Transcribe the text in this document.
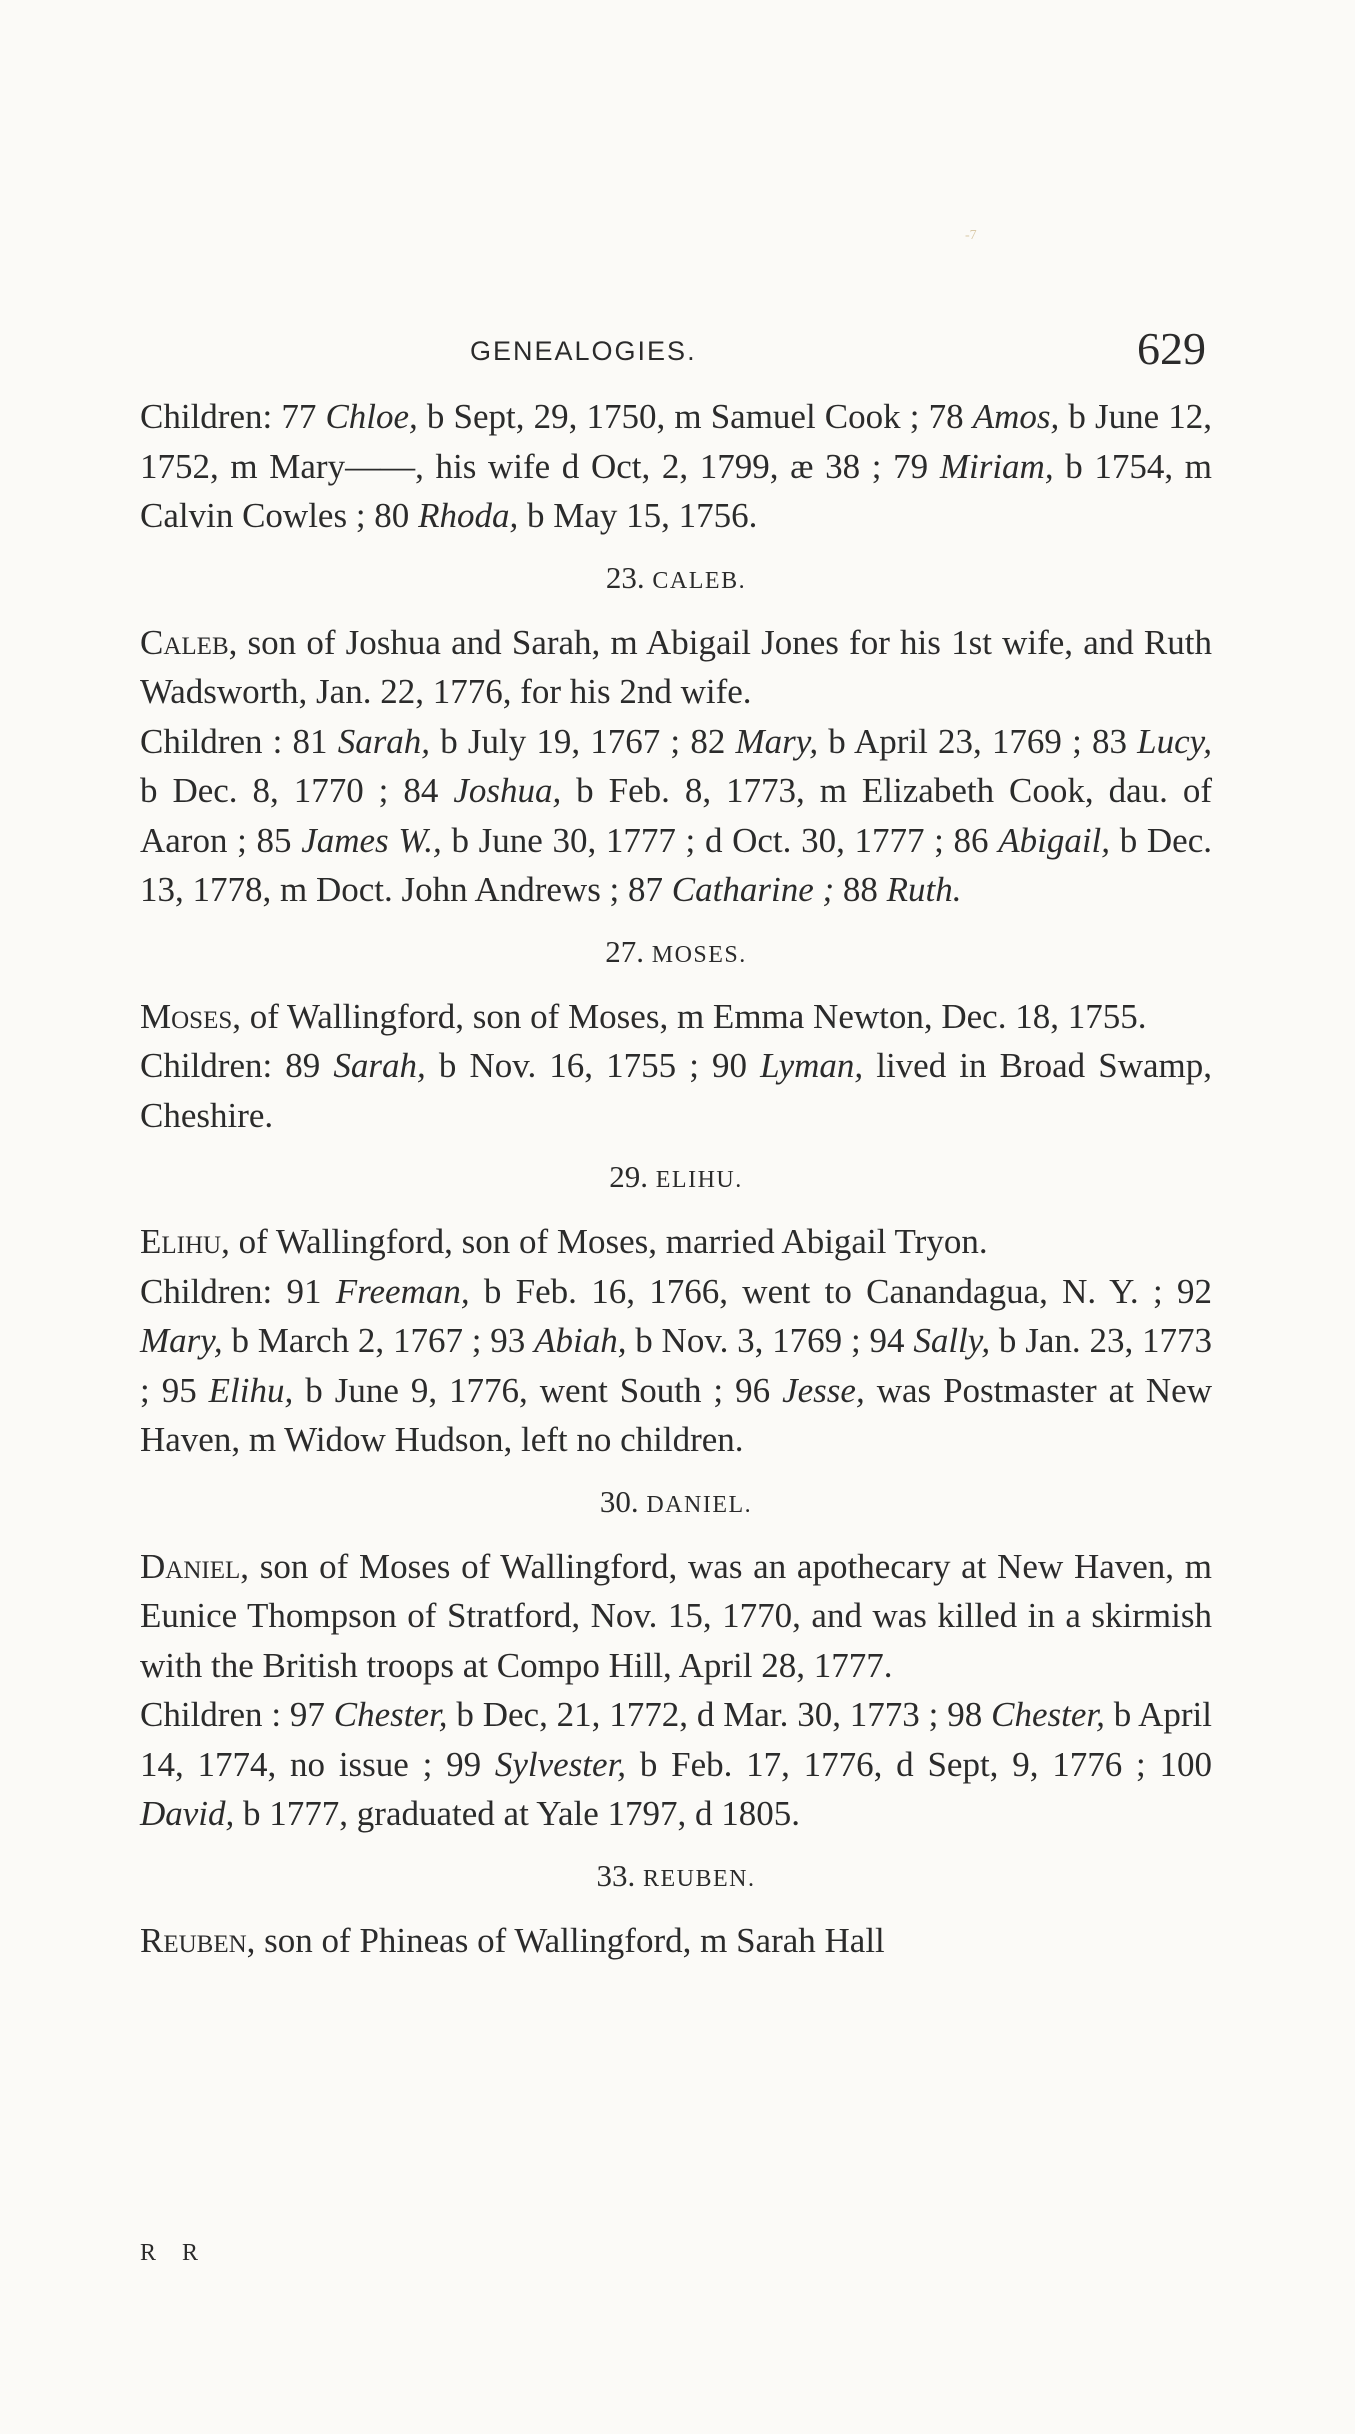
-7
GENEALOGIES.	629

Children: 77 Chloe, b Sept, 29, 1750, m Samuel Cook ; 78 Amos, b June 12, 1752, m Mary——, his wife d Oct, 2, 1799, æ 38 ; 79 Miriam, b 1754, m Calvin Cowles ; 80 Rhoda, b May 15, 1756.

23. CALEB.

Caleb, son of Joshua and Sarah, m Abigail Jones for his 1st wife, and Ruth Wadsworth, Jan. 22, 1776, for his 2nd wife.

Children : 81 Sarah, b July 19, 1767 ; 82 Mary, b April 23, 1769 ; 83 Lucy, b Dec. 8, 1770 ; 84 Joshua, b Feb. 8, 1773, m Elizabeth Cook, dau. of Aaron ; 85 James W., b June 30, 1777 ; d Oct. 30, 1777 ; 86 Abigail, b Dec. 13, 1778, m Doct. John Andrews ; 87 Catharine ; 88 Ruth.

27. MOSES.

Moses, of Wallingford, son of Moses, m Emma Newton, Dec. 18, 1755.

Children: 89 Sarah, b Nov. 16, 1755 ; 90 Lyman, lived in Broad Swamp, Cheshire.

29. ELIHU.

Elihu, of Wallingford, son of Moses, married Abigail Tryon.

Children: 91 Freeman, b Feb. 16, 1766, went to Canandagua, N. Y. ; 92 Mary, b March 2, 1767 ; 93 Abiah, b Nov. 3, 1769 ; 94 Sally, b Jan. 23, 1773 ; 95 Elihu, b June 9, 1776, went South ; 96 Jesse, was Postmaster at New Haven, m Widow Hudson, left no children.

30. DANIEL.

Daniel, son of Moses of Wallingford, was an apothecary at New Haven, m Eunice Thompson of Stratford, Nov. 15, 1770, and was killed in a skirmish with the British troops at Compo Hill, April 28, 1777.

Children : 97 Chester, b Dec, 21, 1772, d Mar. 30, 1773 ; 98 Chester, b April 14, 1774, no issue ; 99 Sylvester, b Feb. 17, 1776, d Sept, 9, 1776 ; 100 David, b 1777, graduated at Yale 1797, d 1805.

33. REUBEN.

Reuben, son of Phineas of Wallingford, m Sarah Hall

R R
